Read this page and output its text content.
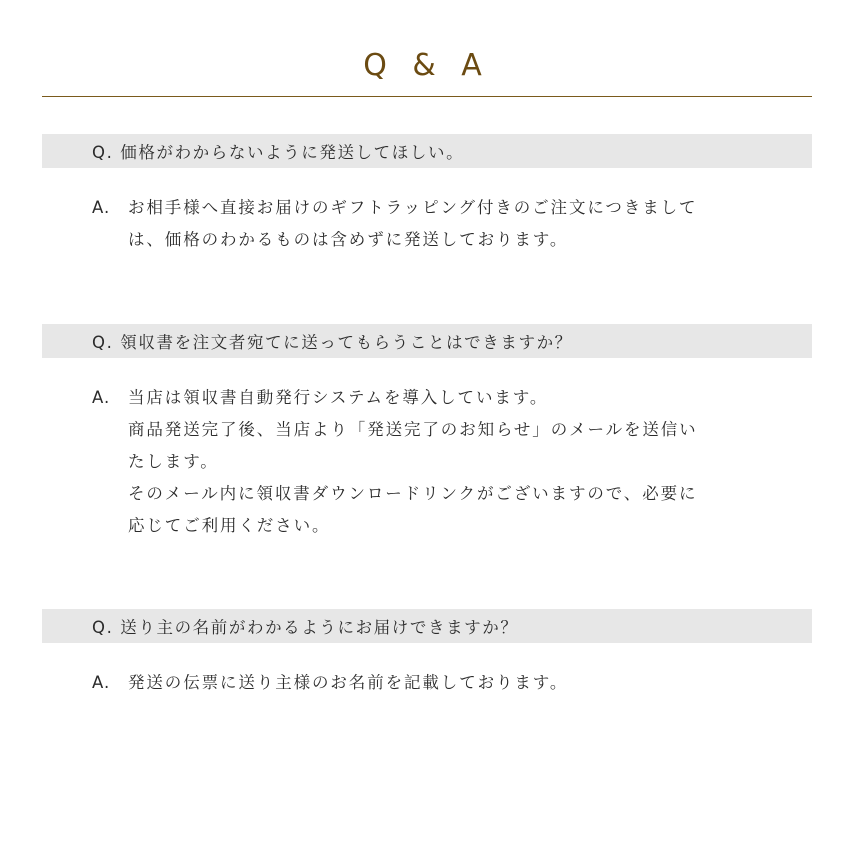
Q & A
Q. 価格がわからないように発送してほしい。
A.	お相手様へ直接お届けのギフトラッピング付きのご注文につきまして
は、価格のわかるものは含めずに発送しております。
Q. 領収書を注文者宛てに送ってもらうことはできますか？
A.	当店は領収書自動発行システムを導入しています。
商品発送完了後、当店より「発送完了のお知らせ」のメールを送信い
たします。
そのメール内に領収書ダウンロードリンクがございますので、必要に
応じてご利用ください。
Q. 送り主の名前がわかるようにお届けできますか？
A.	発送の伝票に送り主様のお名前を記載しております。
